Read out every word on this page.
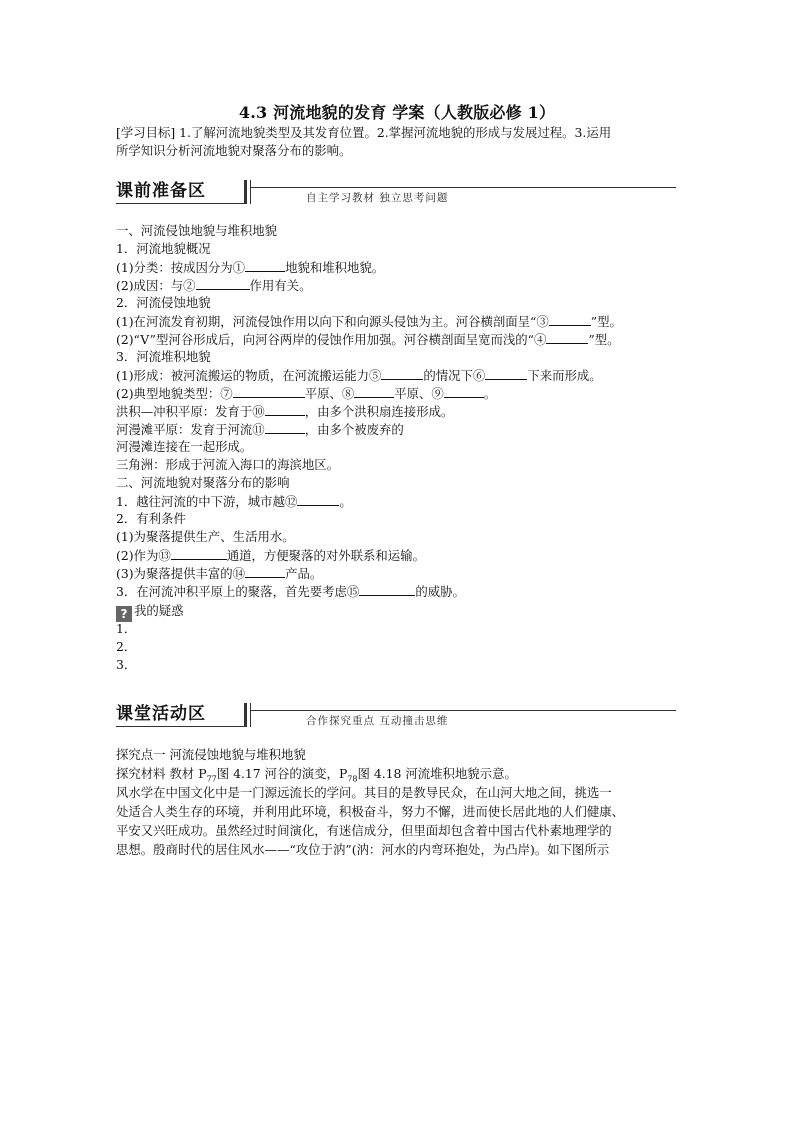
4.3 河流地貌的发育 学案（人教版必修 1）
[学习目标] 1.了解河流地貌类型及其发育位置。2.掌握河流地貌的形成与发展过程。3.运用
所学知识分析河流地貌对聚落分布的影响。
课前准备区	自主学习教材 独立思考问题
一、河流侵蚀地貌与堆积地貌
1．河流地貌概况
(1)分类：按成因分为①	地貌和堆积地貌。
(2)成因：与②	作用有关。
2．河流侵蚀地貌
(1)在河流发育初期，河流侵蚀作用以向下和向源头侵蚀为主。河谷横剖面呈“③	”型。
(2)“V”型河谷形成后，向河谷两岸的侵蚀作用加强。河谷横剖面呈宽而浅的“④	”型。
3．河流堆积地貌
(1)形成：被河流搬运的物质，在河流搬运能力⑤	的情况下⑥	下来而形成。
(2)典型地貌类型：⑦	平原、⑧	平原、⑨	。
洪积—冲积平原：发育于⑩	，由多个洪积扇连接形成。
河漫滩平原：发育于河流⑪	，由多个被废弃的
河漫滩连接在一起形成。
三角洲：形成于河流入海口的海滨地区。
二、河流地貌对聚落分布的影响
1．越往河流的中下游，城市越⑫	。
2．有利条件
(1)为聚落提供生产、生活用水。
(2)作为⑬	通道，方便聚落的对外联系和运输。
(3)为聚落提供丰富的⑭	产品。
3．在河流冲积平原上的聚落，首先要考虑⑮	的威胁。
? 我的疑惑
1．
2．
3．
课堂活动区	合作探究重点 互动撞击思维
探究点一 河流侵蚀地貌与堆积地貌
探究材料 教材 $P_{77}$图 4.17 河谷的演变，$P_{78}$图 4.18 河流堆积地貌示意。
风水学在中国文化中是一门源远流长的学问。其目的是教导民众，在山河大地之间，挑选一
处适合人类生存的环境，并利用此环境，积极奋斗，努力不懈，进而使长居此地的人们健康、
平安又兴旺成功。虽然经过时间演化，有迷信成分，但里面却包含着中国古代朴素地理学的
思想。殷商时代的居住风水——“攻位于汭”(汭：河水的内弯环抱处，为凸岸)。如下图所示
